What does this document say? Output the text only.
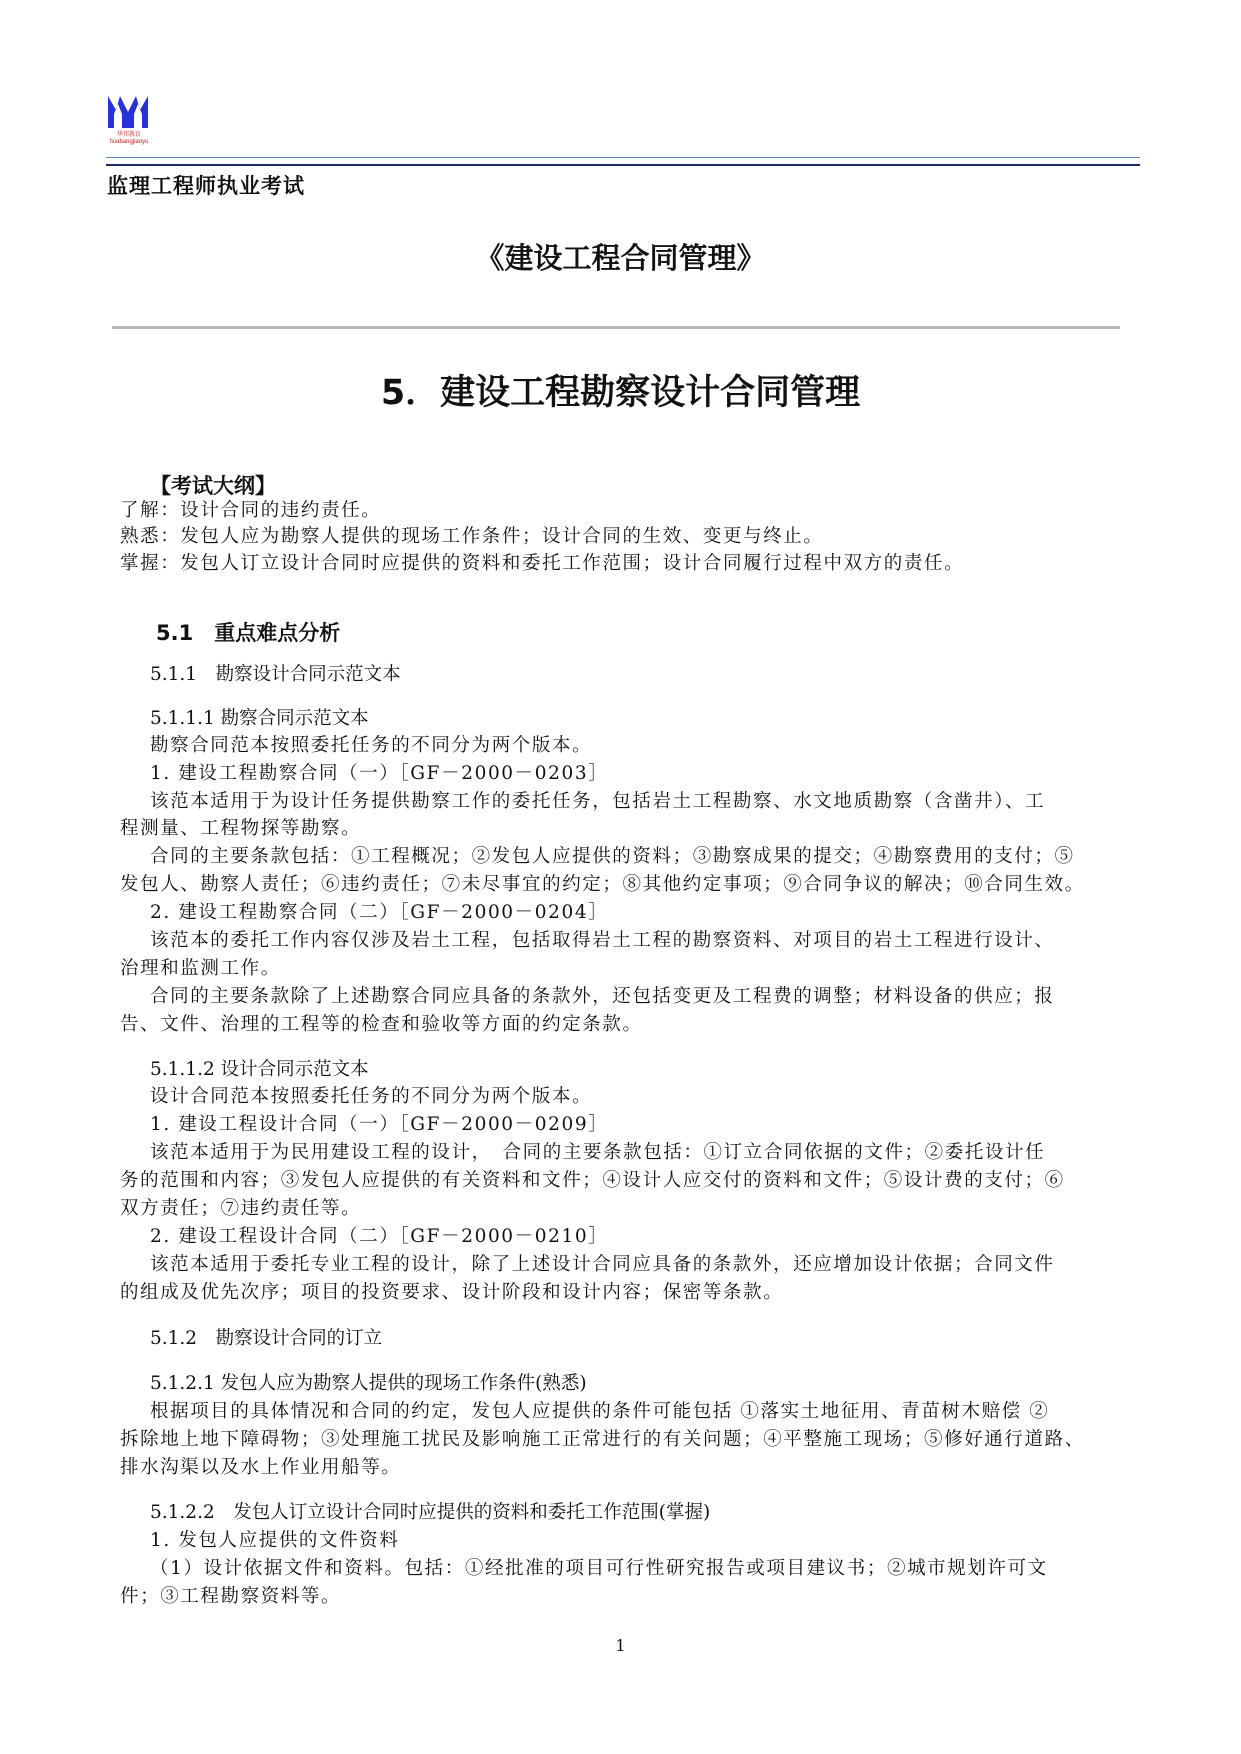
华邦教育 huabangjiaoyu
监理工程师执业考试
《建设工程合同管理》
5．建设工程勘察设计合同管理
【考试大纲】
了解：设计合同的违约责任。
熟悉：发包人应为勘察人提供的现场工作条件；设计合同的生效、变更与终止。
掌握：发包人订立设计合同时应提供的资料和委托工作范围；设计合同履行过程中双方的责任。
5.1　重点难点分析
5.1.1　勘察设计合同示范文本
5.1.1.1 勘察合同示范文本
勘察合同范本按照委托任务的不同分为两个版本。
1. 建设工程勘察合同（一）［GF－2000－0203］
该范本适用于为设计任务提供勘察工作的委托任务，包括岩土工程勘察、水文地质勘察（含凿井）、工
程测量、工程物探等勘察。
合同的主要条款包括：①工程概况；②发包人应提供的资料；③勘察成果的提交；④勘察费用的支付；⑤
发包人、勘察人责任；⑥违约责任；⑦未尽事宜的约定；⑧其他约定事项；⑨合同争议的解决；⑩合同生效。
2. 建设工程勘察合同（二）［GF－2000－0204］
该范本的委托工作内容仅涉及岩土工程，包括取得岩土工程的勘察资料、对项目的岩土工程进行设计、
治理和监测工作。
合同的主要条款除了上述勘察合同应具备的条款外，还包括变更及工程费的调整；材料设备的供应；报
告、文件、治理的工程等的检查和验收等方面的约定条款。
5.1.1.2 设计合同示范文本
设计合同范本按照委托任务的不同分为两个版本。
1. 建设工程设计合同（一）［GF－2000－0209］
该范本适用于为民用建设工程的设计，　合同的主要条款包括：①订立合同依据的文件；②委托设计任
务的范围和内容；③发包人应提供的有关资料和文件；④设计人应交付的资料和文件；⑤设计费的支付；⑥
双方责任；⑦违约责任等。
2. 建设工程设计合同（二）［GF－2000－0210］
该范本适用于委托专业工程的设计，除了上述设计合同应具备的条款外，还应增加设计依据；合同文件
的组成及优先次序；项目的投资要求、设计阶段和设计内容；保密等条款。
5.1.2　勘察设计合同的订立
5.1.2.1 发包人应为勘察人提供的现场工作条件(熟悉)
根据项目的具体情况和合同的约定，发包人应提供的条件可能包括 ①落实土地征用、青苗树木赔偿 ②
拆除地上地下障碍物；③处理施工扰民及影响施工正常进行的有关问题；④平整施工现场；⑤修好通行道路、
排水沟渠以及水上作业用船等。
5.1.2.2　发包人订立设计合同时应提供的资料和委托工作范围(掌握)
1. 发包人应提供的文件资料
（1）设计依据文件和资料。包括：①经批准的项目可行性研究报告或项目建议书；②城市规划许可文
件；③工程勘察资料等。
1
